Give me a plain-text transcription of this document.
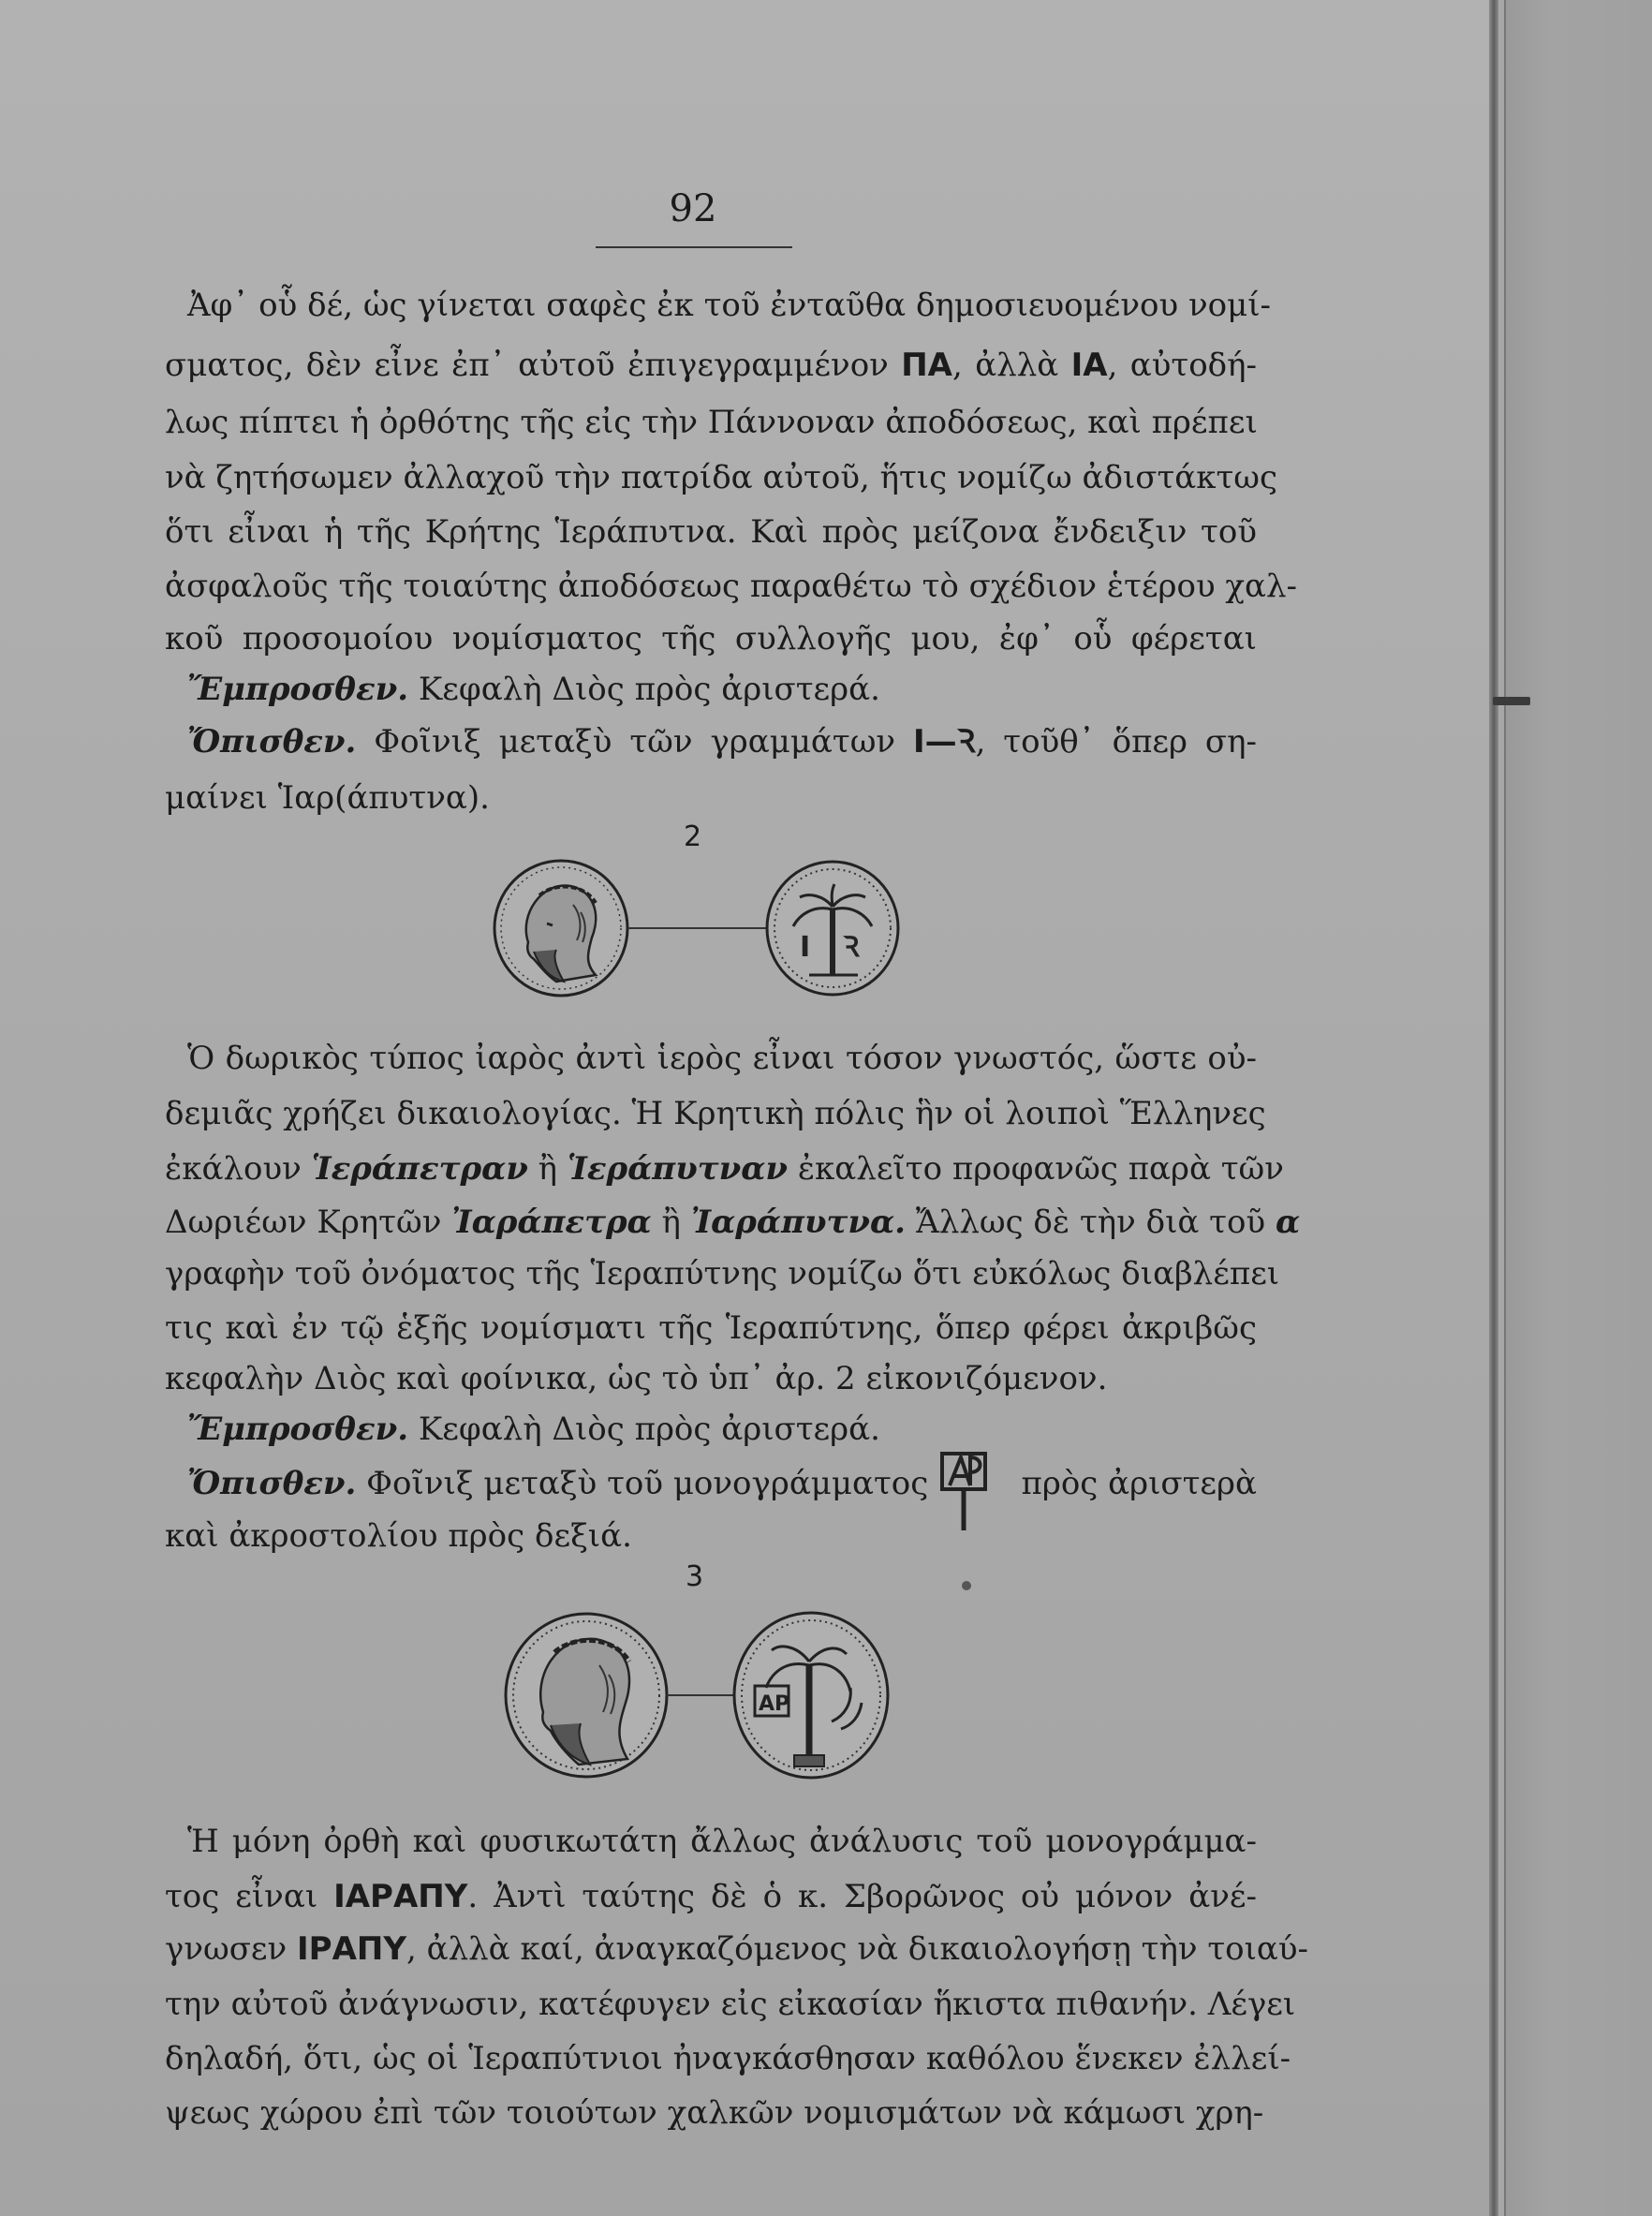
92
Ἀφ᾽ οὗ δέ, ὡς γίνεται σαφὲς ἐκ τοῦ ἐνταῦθα δημοσιευομένου νομί-
σματος, δὲν εἶνε ἐπ᾽ αὐτοῦ ἐπιγεγραμμένον ΠΑ, ἀλλὰ ΙΑ, αὐτοδή-
λως πίπτει ἡ ὀρθότης τῆς εἰς τὴν Πάννοναν ἀποδόσεως, καὶ πρέπει
νὰ ζητήσωμεν ἀλλαχοῦ τὴν πατρίδα αὐτοῦ, ἥτις νομίζω ἀδιστάκτως
ὅτι εἶναι ἡ τῆς Κρήτης Ἱεράπυτνα. Καὶ πρὸς μείζονα ἔνδειξιν τοῦ
ἀσφαλοῦς τῆς τοιαύτης ἀποδόσεως παραθέτω τὸ σχέδιον ἑτέρου χαλ-
κοῦ προσομοίου νομίσματος τῆς συλλογῆς μου, ἐφ᾽ οὗ φέρεται
Ἔμπροσθεν. Κεφαλὴ Διὸς πρὸς ἀριστερά.
Ὄπισθεν. Φοῖνιξ μεταξὺ τῶν γραμμάτων Ι—Ꝛ, τοῦθ᾽ ὅπερ ση-
μαίνει Ἱαρ(άπυτνα).
2
I Ꝛ
Ὁ δωρικὸς τύπος ἰαρὸς ἀντὶ ἱερὸς εἶναι τόσον γνωστός, ὥστε οὐ-
δεμιᾶς χρήζει δικαιολογίας. Ἡ Κρητικὴ πόλις ἣν οἱ λοιποὶ Ἕλληνες
ἐκάλουν Ἱεράπετραν ἢ Ἱεράπυτναν ἐκαλεῖτο προφανῶς παρὰ τῶν
Δωριέων Κρητῶν Ἰαράπετρα ἢ Ἰαράπυτνα. Ἄλλως δὲ τὴν διὰ τοῦ α
γραφὴν τοῦ ὀνόματος τῆς Ἱεραπύτνης νομίζω ὅτι εὐκόλως διαβλέπει
τις καὶ ἐν τῷ ἑξῆς νομίσματι τῆς Ἱεραπύτνης, ὅπερ φέρει ἀκριβῶς
κεφαλὴν Διὸς καὶ φοίνικα, ὡς τὸ ὑπ᾽ ἀρ. 2 εἰκονιζόμενον.
Ἔμπροσθεν. Κεφαλὴ Διὸς πρὸς ἀριστερά.
Ὄπισθεν. Φοῖνιξ μεταξὺ τοῦ μονογράμματος	πρὸς ἀριστερὰ
καὶ ἀκροστολίου πρὸς δεξιά.
3
AP
Ἡ μόνη ὀρθὴ καὶ φυσικωτάτη ἄλλως ἀνάλυσις τοῦ μονογράμμα-
τος εἶναι ΙΑΡΑΠΥ. Ἀντὶ ταύτης δὲ ὁ κ. Σβορῶνος οὐ μόνον ἀνέ-
γνωσεν ΙΡΑΠΥ, ἀλλὰ καί, ἀναγκαζόμενος νὰ δικαιολογήσῃ τὴν τοιαύ-
την αὐτοῦ ἀνάγνωσιν, κατέφυγεν εἰς εἰκασίαν ἥκιστα πιθανήν. Λέγει
δηλαδή, ὅτι, ὡς οἱ Ἱεραπύτνιοι ἠναγκάσθησαν καθόλου ἕνεκεν ἐλλεί-
ψεως χώρου ἐπὶ τῶν τοιούτων χαλκῶν νομισμάτων νὰ κάμωσι χρη-
